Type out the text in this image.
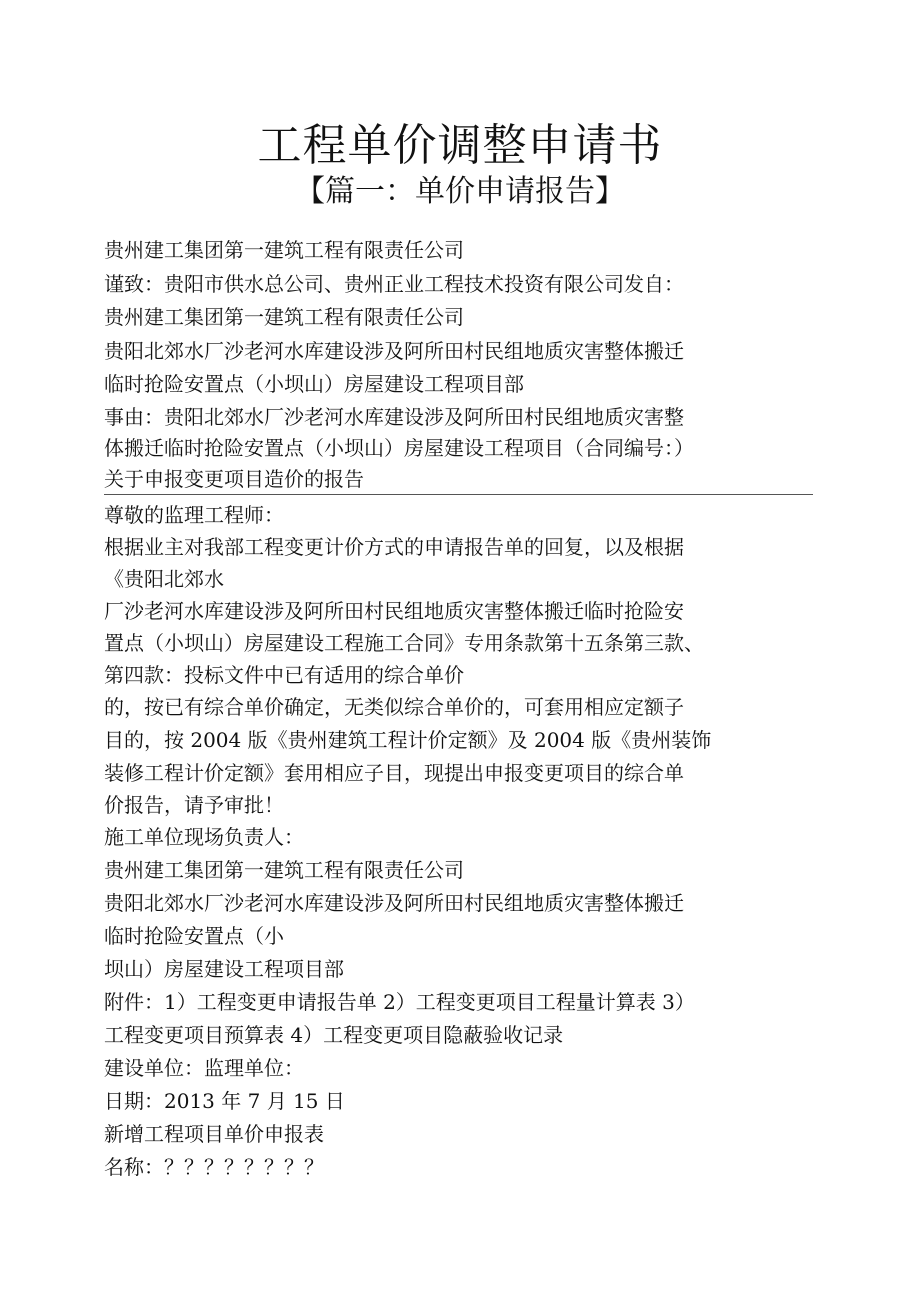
工程单价调整申请书
【篇一：单价申请报告】
贵州建工集团第一建筑工程有限责任公司
谨致：贵阳市供水总公司、贵州正业工程技术投资有限公司发自：
贵州建工集团第一建筑工程有限责任公司
贵阳北郊水厂沙老河水库建设涉及阿所田村民组地质灾害整体搬迁
临时抢险安置点（小坝山）房屋建设工程项目部
事由：贵阳北郊水厂沙老河水库建设涉及阿所田村民组地质灾害整
体搬迁临时抢险安置点（小坝山）房屋建设工程项目（合同编号：）
关于申报变更项目造价的报告
尊敬的监理工程师：
根据业主对我部工程变更计价方式的申请报告单的回复，以及根据
《贵阳北郊水
厂沙老河水库建设涉及阿所田村民组地质灾害整体搬迁临时抢险安
置点（小坝山）房屋建设工程施工合同》专用条款第十五条第三款、
第四款：投标文件中已有适用的综合单价
的，按已有综合单价确定，无类似综合单价的，可套用相应定额子
目的，按 2004 版《贵州建筑工程计价定额》及 2004 版《贵州装饰
装修工程计价定额》套用相应子目，现提出申报变更项目的综合单
价报告，请予审批！
施工单位现场负责人：
贵州建工集团第一建筑工程有限责任公司
贵阳北郊水厂沙老河水库建设涉及阿所田村民组地质灾害整体搬迁
临时抢险安置点（小
坝山）房屋建设工程项目部
附件：1）工程变更申请报告单 2）工程变更项目工程量计算表 3）
工程变更项目预算表 4）工程变更项目隐蔽验收记录
建设单位：监理单位：
日期：2013 年 7 月 15 日
新增工程项目单价申报表
名称：？？？？？？？？
